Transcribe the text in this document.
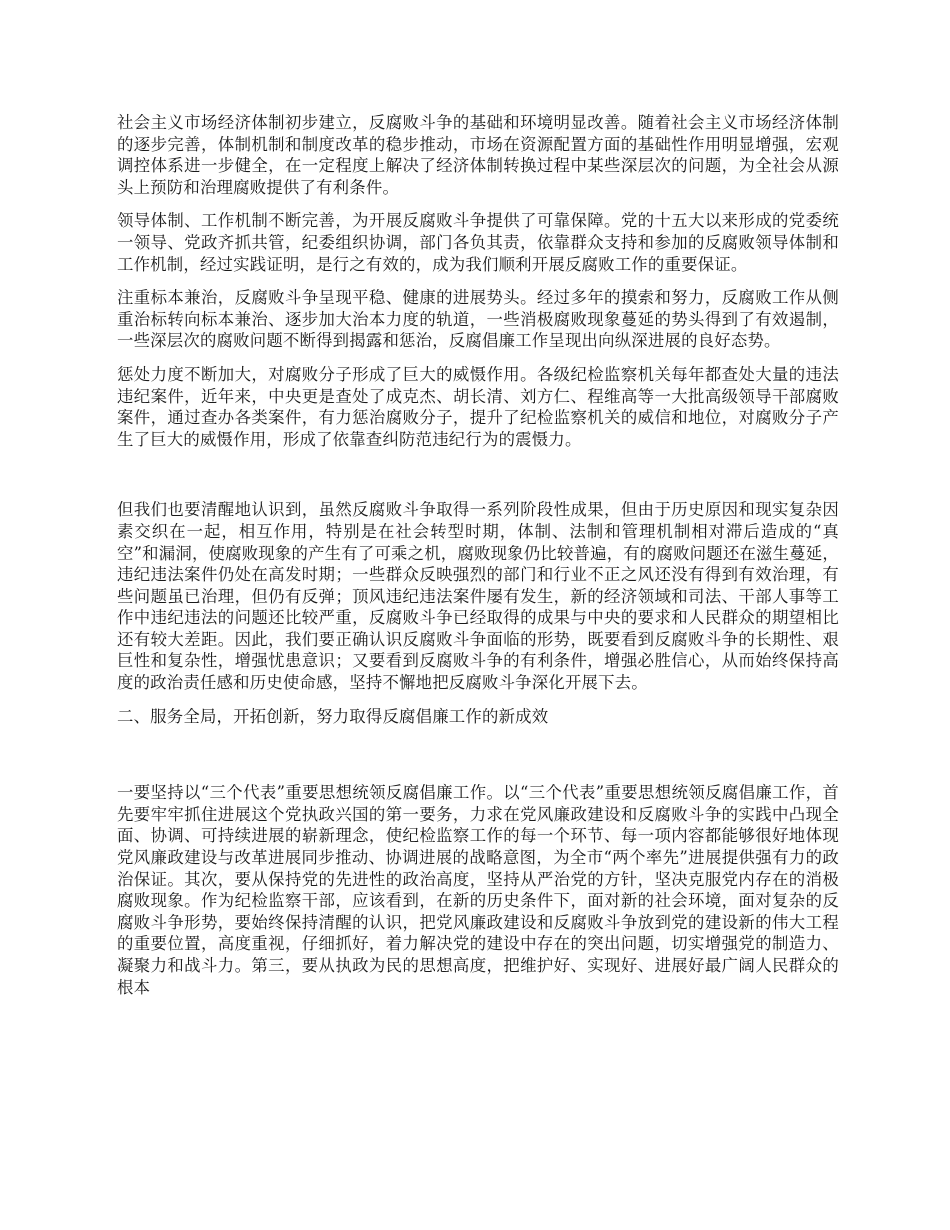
社会主义市场经济体制初步建立，反腐败斗争的基础和环境明显改善。随着社会主义市场经济体制的逐步完善，体制机制和制度改革的稳步推动，市场在资源配置方面的基础性作用明显增强，宏观调控体系进一步健全，在一定程度上解决了经济体制转换过程中某些深层次的问题，为全社会从源头上预防和治理腐败提供了有利条件。

领导体制、工作机制不断完善，为开展反腐败斗争提供了可靠保障。党的十五大以来形成的党委统一领导、党政齐抓共管，纪委组织协调，部门各负其责，依靠群众支持和参加的反腐败领导体制和工作机制，经过实践证明，是行之有效的，成为我们顺利开展反腐败工作的重要保证。

注重标本兼治，反腐败斗争呈现平稳、健康的进展势头。经过多年的摸索和努力，反腐败工作从侧重治标转向标本兼治、逐步加大治本力度的轨道，一些消极腐败现象蔓延的势头得到了有效遏制，一些深层次的腐败问题不断得到揭露和惩治，反腐倡廉工作呈现出向纵深进展的良好态势。

惩处力度不断加大，对腐败分子形成了巨大的威慑作用。各级纪检监察机关每年都查处大量的违法违纪案件，近年来，中央更是查处了成克杰、胡长清、刘方仁、程维高等一大批高级领导干部腐败案件，通过查办各类案件，有力惩治腐败分子，提升了纪检监察机关的威信和地位，对腐败分子产生了巨大的威慑作用，形成了依靠查纠防范违纪行为的震慑力。

但我们也要清醒地认识到，虽然反腐败斗争取得一系列阶段性成果，但由于历史原因和现实复杂因素交织在一起，相互作用，特别是在社会转型时期，体制、法制和管理机制相对滞后造成的“真空”和漏洞，使腐败现象的产生有了可乘之机，腐败现象仍比较普遍，有的腐败问题还在滋生蔓延，违纪违法案件仍处在高发时期；一些群众反映强烈的部门和行业不正之风还没有得到有效治理，有些问题虽已治理，但仍有反弹；顶风违纪违法案件屡有发生，新的经济领域和司法、干部人事等工作中违纪违法的问题还比较严重，反腐败斗争已经取得的成果与中央的要求和人民群众的期望相比还有较大差距。因此，我们要正确认识反腐败斗争面临的形势，既要看到反腐败斗争的长期性、艰巨性和复杂性，增强忧患意识；又要看到反腐败斗争的有利条件，增强必胜信心，从而始终保持高度的政治责任感和历史使命感，坚持不懈地把反腐败斗争深化开展下去。

二、服务全局，开拓创新，努力取得反腐倡廉工作的新成效

一要坚持以“三个代表”重要思想统领反腐倡廉工作。以“三个代表”重要思想统领反腐倡廉工作，首先要牢牢抓住进展这个党执政兴国的第一要务，力求在党风廉政建设和反腐败斗争的实践中凸现全面、协调、可持续进展的崭新理念，使纪检监察工作的每一个环节、每一项内容都能够很好地体现党风廉政建设与改革进展同步推动、协调进展的战略意图，为全市“两个率先”进展提供强有力的政治保证。其次，要从保持党的先进性的政治高度，坚持从严治党的方针，坚决克服党内存在的消极腐败现象。作为纪检监察干部，应该看到，在新的历史条件下，面对新的社会环境，面对复杂的反腐败斗争形势，要始终保持清醒的认识，把党风廉政建设和反腐败斗争放到党的建设新的伟大工程的重要位置，高度重视，仔细抓好，着力解决党的建设中存在的突出问题，切实增强党的制造力、凝聚力和战斗力。第三，要从执政为民的思想高度，把维护好、实现好、进展好最广阔人民群众的根本
